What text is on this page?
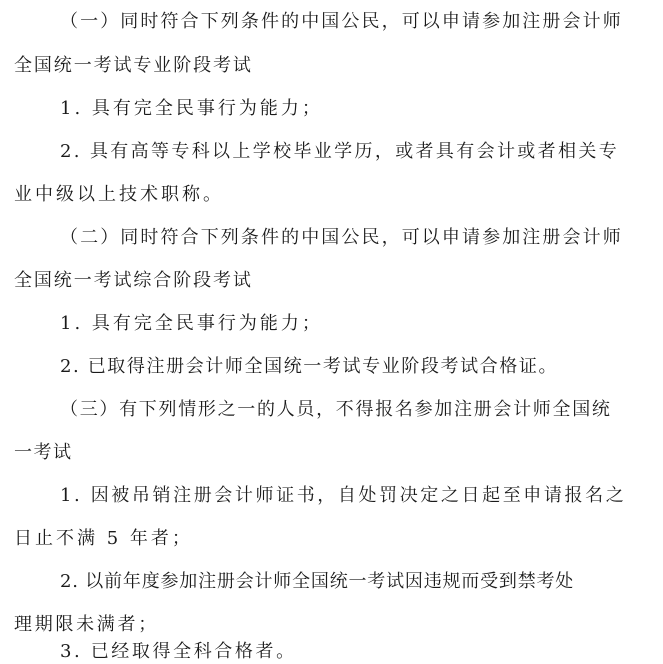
（一）同时符合下列条件的中国公民，可以申请参加注册会计师
全国统一考试专业阶段考试
1. 具有完全民事行为能力；
2. 具有高等专科以上学校毕业学历，或者具有会计或者相关专
业中级以上技术职称。
（二）同时符合下列条件的中国公民，可以申请参加注册会计师
全国统一考试综合阶段考试
1. 具有完全民事行为能力；
2. 已取得注册会计师全国统一考试专业阶段考试合格证。
（三）有下列情形之一的人员，不得报名参加注册会计师全国统
一考试
1. 因被吊销注册会计师证书，自处罚决定之日起至申请报名之
日止不满 5 年者；
2. 以前年度参加注册会计师全国统一考试因违规而受到禁考处
理期限未满者；
3. 已经取得全科合格者。
